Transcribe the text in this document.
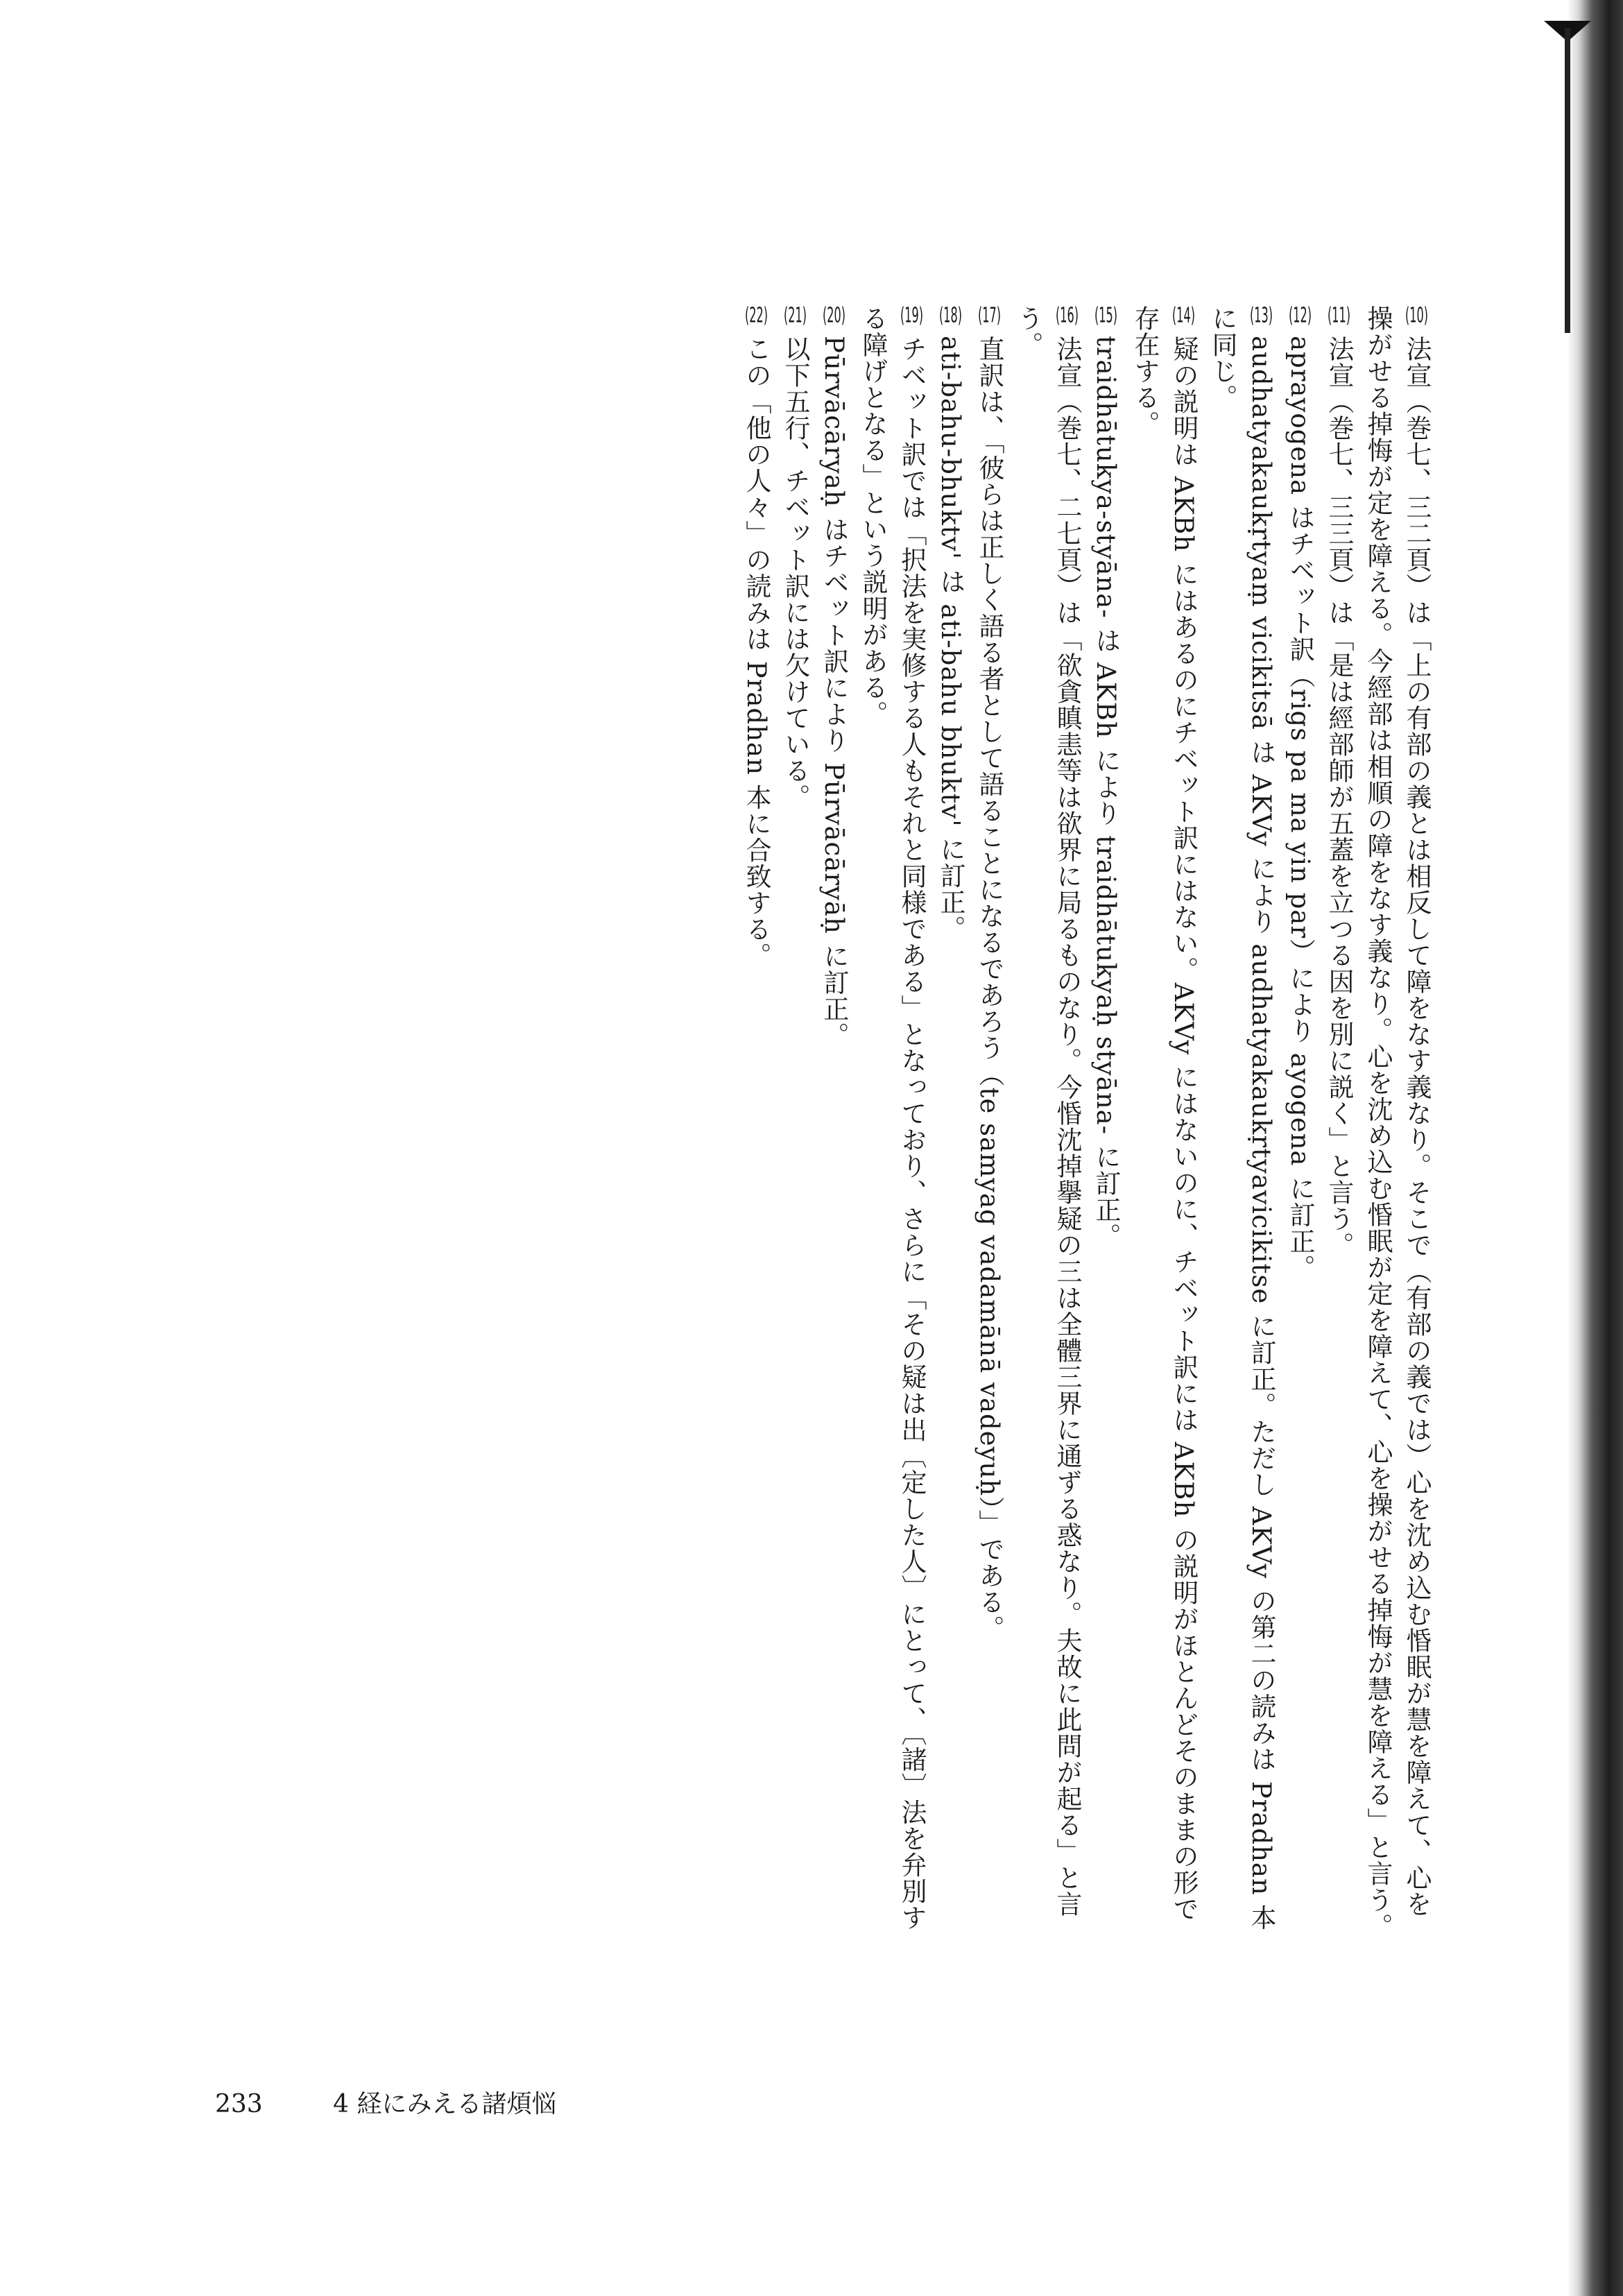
(10)法宣（巻七、三二頁）は「上の有部の義とは相反して障をなす義なり。そこで（有部の義では）心を沈め込む惛眠が慧を障えて、心を操がせる掉悔が定を障える。今經部は相順の障をなす義なり。心を沈め込む惛眠が定を障えて、心を操がせる掉悔が慧を障える」と言う。

(11)法宣（巻七、三三頁）は「是は經部師が五蓋を立つる因を別に説く」と言う。

(12)aprayogena はチベット訳（rigs pa ma yin par）により ayogena に訂正。

(13)audhatyakaukṛtyaṃ vicikitsā は AKVy により audhatyakaukṛtyavicikitse に訂正。ただし AKVy の第二の読みは Pradhan 本に同じ。

(14)疑の説明は AKBh にはあるのにチベット訳にはない。AKVy にはないのに、チベット訳には AKBh の説明がほとんどそのままの形で存在する。

(15)traidhātukya-styāna- は AKBh により traidhātukyaḥ styāna- に訂正。

(16)法宣（巻七、二七頁）は「欲貪瞋恚等は欲界に局るものなり。今惛沈掉擧疑の三は全體三界に通ずる惑なり。夫故に此問が起る」と言う。

(17)直訳は、「彼らは正しく語る者として語ることになるであろう（te samyag vadamānā vadeyuḥ）」である。

(18)ati-bahu-bhuktv' は ati-bahu bhuktv' に訂正。

(19)チベット訳では「択法を実修する人もそれと同様である」となっており、さらに「その疑は出〔定した人〕にとって、〔諸〕法を弁別する障げとなる」という説明がある。

(20)Pūrvācāryaḥ はチベット訳により Pūrvācāryāḥ に訂正。

(21)以下五行、チベット訳には欠けている。

(22)この「他の人々」の読みは Pradhan 本に合致する。

233	4 経にみえる諸煩悩
